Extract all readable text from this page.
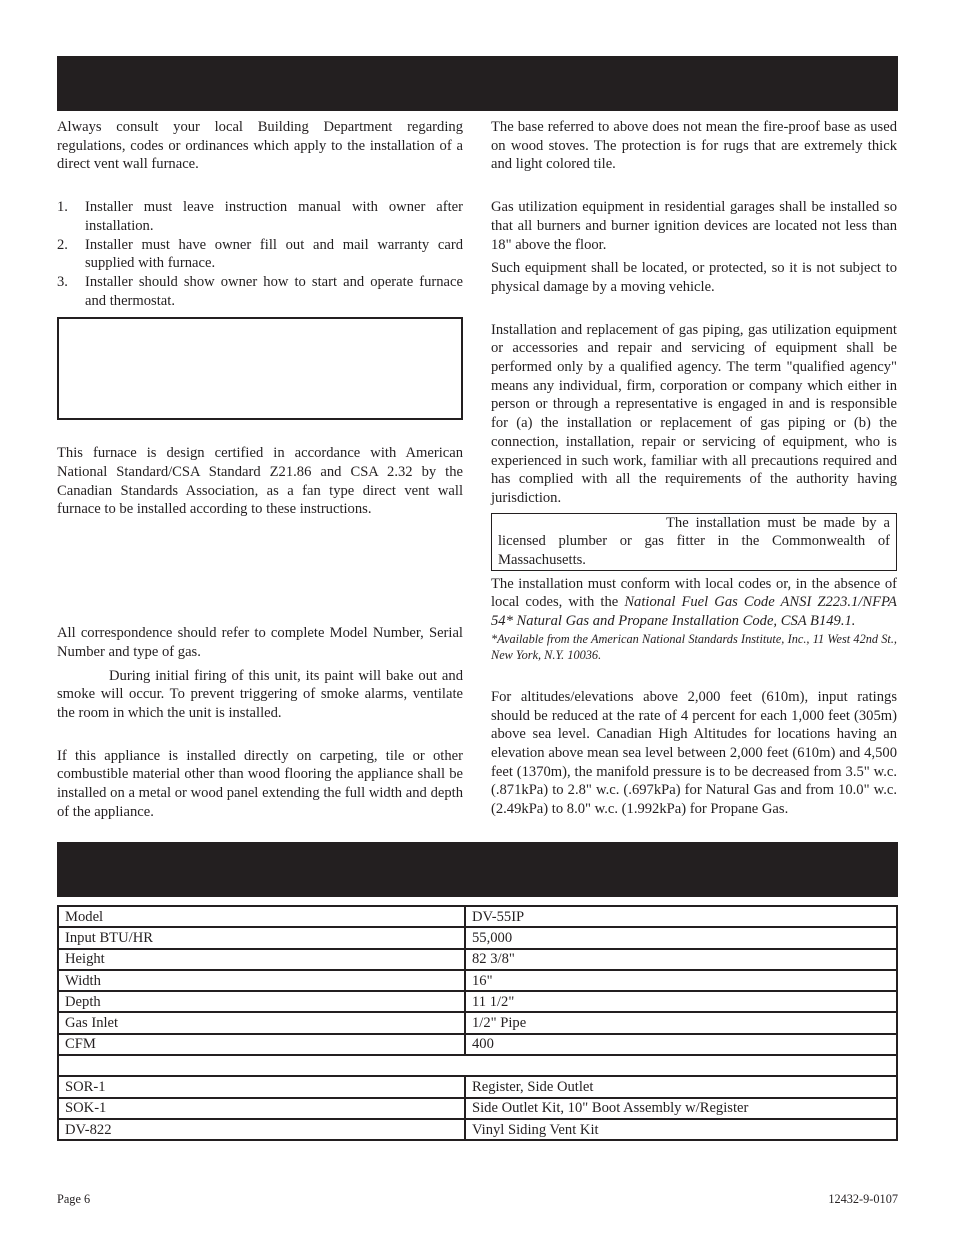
Always consult your local Building Department regarding regulations, codes or ordinances which apply to the installation of a direct vent wall furnace.

1.	Installer must leave instruction manual with owner after installation.
2.	Installer must have owner fill out and mail warranty card supplied with furnace.
3.	Installer should show owner how to start and operate furnace and thermostat.

This furnace is design certified in accordance with American National Standard/CSA Standard Z21.86 and CSA 2.32 by the Canadian Standards Association, as a fan type direct vent wall furnace to be installed according to these instructions.

All correspondence should refer to complete Model Number, Serial Number and type of gas.

During initial firing of this unit, its paint will bake out and smoke will occur. To prevent triggering of smoke alarms, ventilate the room in which the unit is installed.

If this appliance is installed directly on carpeting, tile or other combustible material other than wood flooring the appliance shall be installed on a metal or wood panel extending the full width and depth of the appliance.

The base referred to above does not mean the fire-proof base as used on wood stoves. The protection is for rugs that are extremely thick and light colored tile.

Gas utilization equipment in residential garages shall be installed so that all burners and burner ignition devices are located not less than 18" above the floor.

Such equipment shall be located, or protected, so it is not subject to physical damage by a moving vehicle.

Installation and replacement of gas piping, gas utilization equipment or accessories and repair and servicing of equipment shall be performed only by a qualified agency. The term "qualified agency" means any individual, firm, corporation or company which either in person or through a representative is engaged in and is responsible for (a) the installation or replacement of gas piping or (b) the connection, installation, repair or servicing of equipment, who is experienced in such work, familiar with all precautions required and has complied with all the requirements of the authority having jurisdiction.

The installation must be made by a licensed plumber or gas fitter in the Commonwealth of Massachusetts.

The installation must conform with local codes or, in the absence of local codes, with the National Fuel Gas Code ANSI Z223.1/NFPA 54* Natural Gas and Propane Installation Code, CSA B149.1.

*Available from the American National Standards Institute, Inc., 11 West 42nd St., New York, N.Y. 10036.

For altitudes/elevations above 2,000 feet (610m), input ratings should be reduced at the rate of 4 percent for each 1,000 feet (305m) above sea level. Canadian High Altitudes for locations having an elevation above mean sea level between 2,000 feet (610m) and 4,500 feet (1370m), the manifold pressure is to be decreased from 3.5" w.c. (.871kPa) to 2.8" w.c. (.697kPa) for Natural Gas and from 10.0" w.c. (2.49kPa) to 8.0" w.c. (1.992kPa) for Propane Gas.

Model	DV-55IP
Input BTU/HR	55,000
Height	82 3/8"
Width	16"
Depth	11 1/2"
Gas Inlet	1/2" Pipe
CFM	400

SOR-1	Register, Side Outlet
SOK-1	Side Outlet Kit, 10" Boot Assembly w/Register
DV-822	Vinyl Siding Vent Kit
Page 6	12432-9-0107
